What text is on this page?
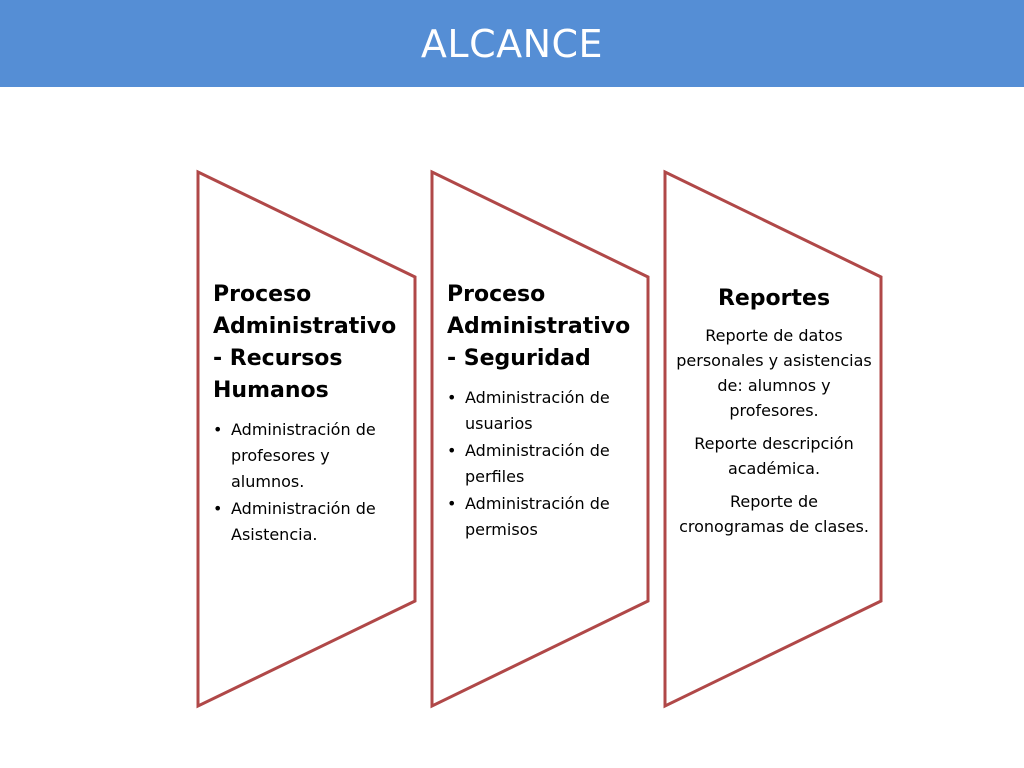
ALCANCE

Proceso Administrativo - Recursos Humanos

• Administración de profesores y alumnos.
• Administración de Asistencia.

Proceso Administrativo - Seguridad

• Administración de usuarios
• Administración de perfiles
• Administración de permisos

Reportes

Reporte de datos personales y asistencias de: alumnos y profesores.

Reporte descripción académica.

Reporte de cronogramas de clases.
